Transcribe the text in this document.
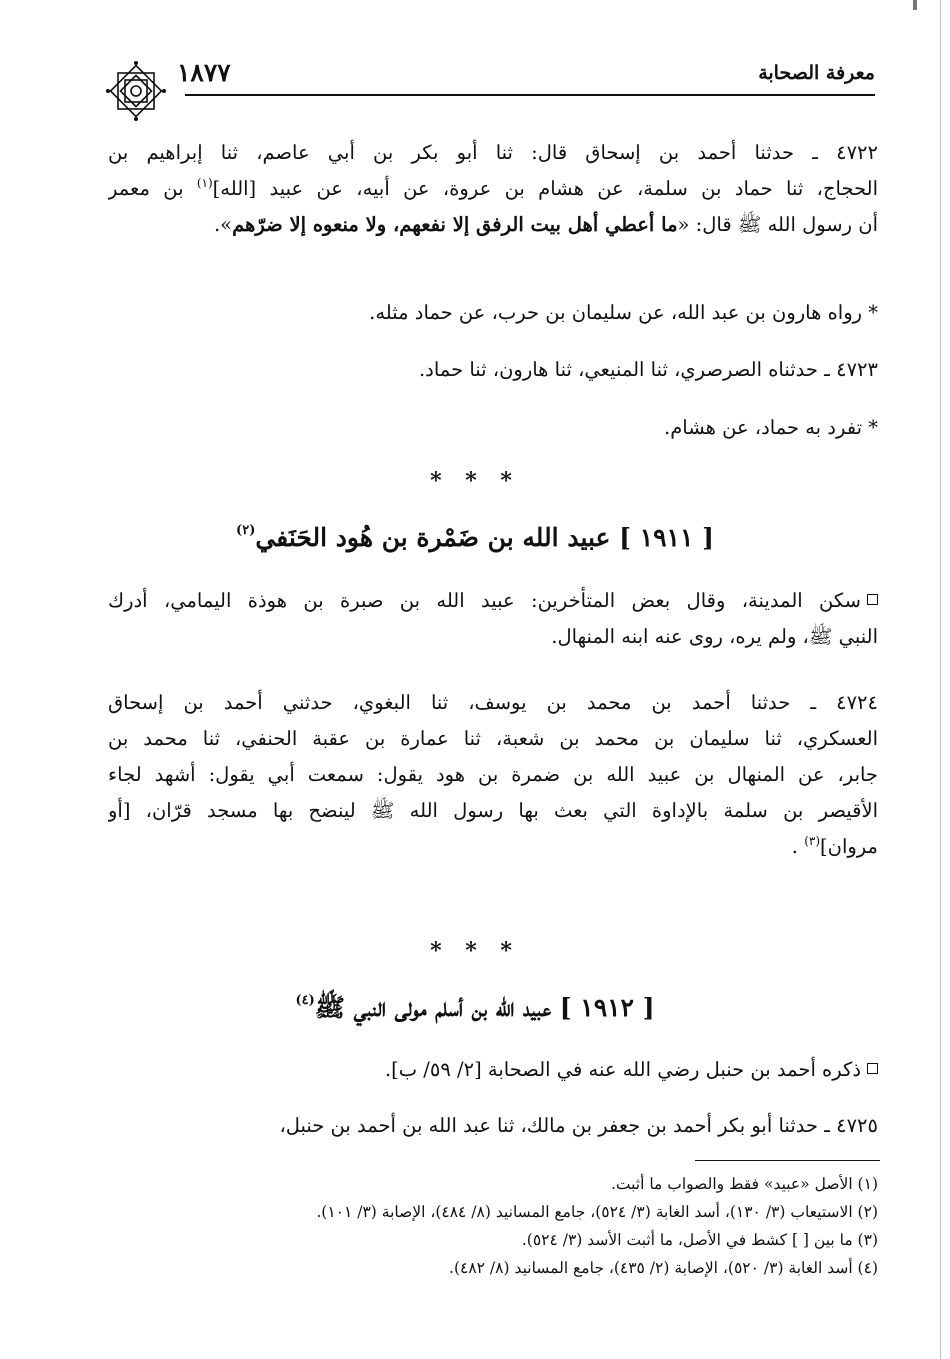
معرفة الصحابة
١٨٧٧
٤٧٢٢ ـ حدثنا أحمد بن إسحاق قال: ثنا أبو بكر بن أبي عاصم، ثنا إبراهيم بن
الحجاج، ثنا حماد بن سلمة، عن هشام بن عروة، عن أبيه، عن عبيد [الله]$^{(١)}$ بن معمر
أن رسول الله ﷺ قال: «ما أعطي أهل بيت الرفق إلا نفعهم، ولا منعوه إلا ضرّهم».
* رواه هارون بن عبد الله، عن سليمان بن حرب، عن حماد مثله.
٤٧٢٣ ـ حدثناه الصرصري، ثنا المنيعي، ثنا هارون، ثنا حماد.
* تفرد به حماد، عن هشام.
* * *
[ ١٩١١ ] عبيد الله بن ضَمْرة بن هُود الحَنَفي$^{(٢)}$
سكن المدينة، وقال بعض المتأخرين: عبيد الله بن صبرة بن هوذة اليمامي، أدرك
النبي ﷺ، ولم يره، روى عنه ابنه المنهال.
٤٧٢٤ ـ حدثنا أحمد بن محمد بن يوسف، ثنا البغوي، حدثني أحمد بن إسحاق
العسكري، ثنا سليمان بن محمد بن شعبة، ثنا عمارة بن عقبة الحنفي، ثنا محمد بن
جابر، عن المنهال بن عبيد الله بن ضمرة بن هود يقول: سمعت أبي يقول: أشهد لجاء
الأقيصر بن سلمة بالإداوة التي بعث بها رسول الله ﷺ لينضح بها مسجد قرّان، [أو
مروان]$^{(٣)}$ .
* * *
[ ١٩١٢ ] عبيد الله بن أسلم مولى النبي ﷺ$^{(٤)}$
ذكره أحمد بن حنبل رضي الله عنه في الصحابة [٢/ ٥٩/ ب].
٤٧٢٥ ـ حدثنا أبو بكر أحمد بن جعفر بن مالك، ثنا عبد الله بن أحمد بن حنبل،
(١) الأصل «عبيد» فقط والصواب ما أثبت.
(٢) الاستيعاب (٣/ ١٣٠)، أسد الغابة (٣/ ٥٢٤)، جامع المسانيد (٨/ ٤٨٤)، الإصابة (٣/ ١٠١).
(٣) ما بين [ ] كشط في الأصل، ما أثبت الأسد (٣/ ٥٢٤).
(٤) أسد الغابة (٣/ ٥٢٠)، الإصابة (٢/ ٤٣٥)، جامع المسانيد (٨/ ٤٨٢).
